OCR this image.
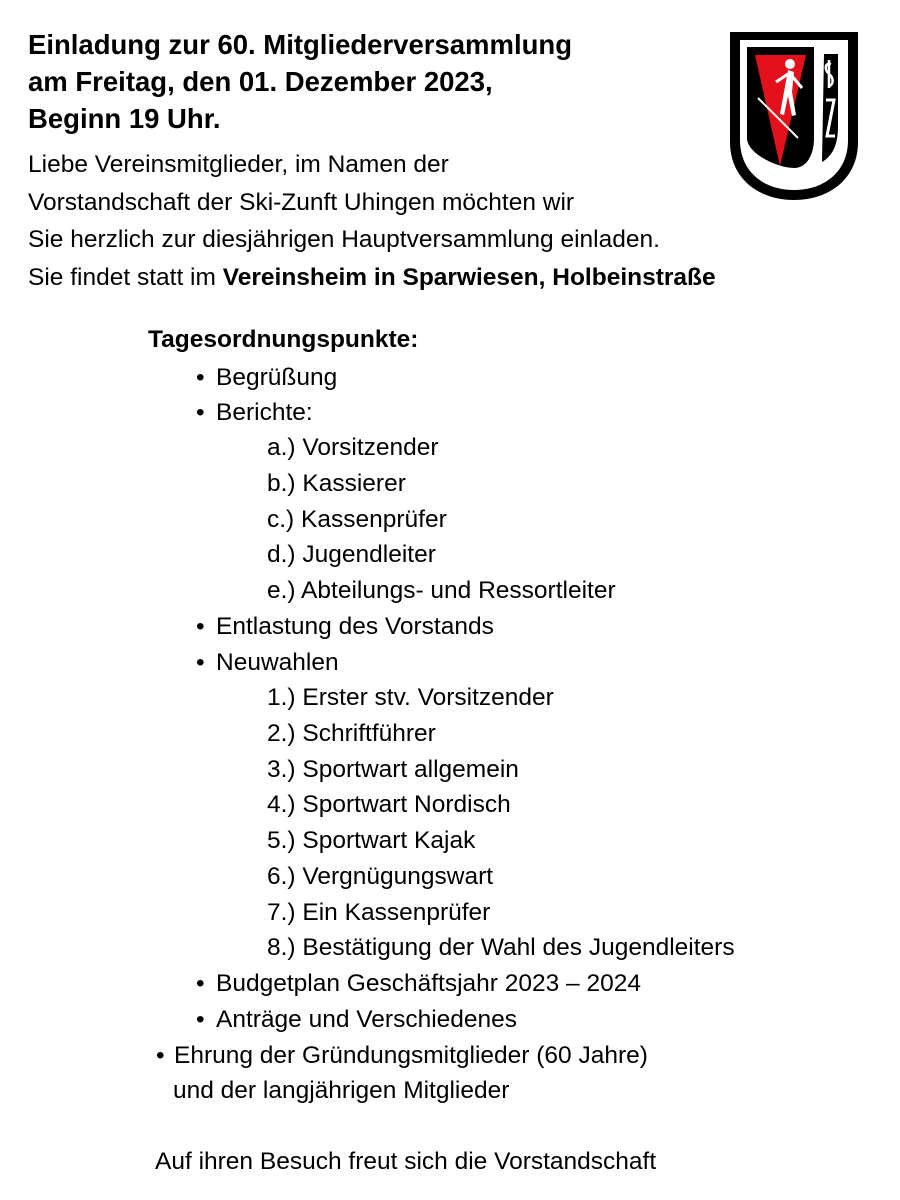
Einladung zur 60. Mitgliederversammlung
am Freitag, den 01. Dezember 2023,
Beginn 19 Uhr.
Liebe Vereinsmitglieder, im Namen der
Vorstandschaft der Ski-Zunft Uhingen möchten wir
Sie herzlich zur diesjährigen Hauptversammlung einladen.
Sie findet statt im Vereinsheim in Sparwiesen, Holbeinstraße
Tagesordnungspunkte:
• Begrüßung
• Berichte:
a.) Vorsitzender
b.) Kassierer
c.) Kassenprüfer
d.) Jugendleiter
e.) Abteilungs- und Ressortleiter
• Entlastung des Vorstands
• Neuwahlen
1.) Erster stv. Vorsitzender
2.) Schriftführer
3.) Sportwart allgemein
4.) Sportwart Nordisch
5.) Sportwart Kajak
6.) Vergnügungswart
7.) Ein Kassenprüfer
8.) Bestätigung der Wahl des Jugendleiters
• Budgetplan Geschäftsjahr 2023 – 2024
• Anträge und Verschiedenes
• Ehrung der Gründungsmitglieder (60 Jahre)
und der langjährigen Mitglieder
Auf ihren Besuch freut sich die Vorstandschaft
